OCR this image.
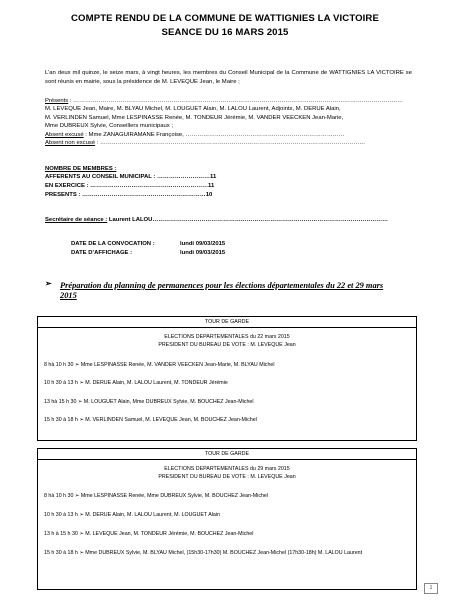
COMPTE RENDU DE LA COMMUNE DE WATTIGNIES LA VICTOIRE
SEANCE DU 16 MARS 2015
L’an deux mil quinze, le seize mars, à vingt heures, les membres du Conseil Municipal de la Commune de WATTIGNIES LA VICTOIRE se sont réunis en mairie, sous la présidence de M. LEVEQUE Jean, le Maire ;
Présents : ……………………………………………………………………………………………………………………………………………………
M. LEVEQUE Jean, Maire, M. BLYAU Michel, M. LOUGUET Alain, M. LALOU Laurent, Adjoints, M. DERUE Alain,
M. VERLINDEN Samuel, Mme LESPINASSE Renée, M. TONDEUR Jérémie, M. VANDER VEECKEN Jean-Marie,
Mme DUBREUX Sylvie, Conseillers municipaux ;
Absent excusé : Mme ZANAGUIRAMANE Françoise, ………………………………………………………………………
Absent non excusé : ………………………………………………………………………………………………………………………
NOMBRE DE MEMBRES :
AFFERENTS AU CONSEIL MUNICIPAL : ………………………11
EN EXERCICE : ……………………………………………………11
PRESENTS : ………………………………………………………10
Secrétaire de séance : Laurent LALOU…………………………………………………………………………………………………………
DATE DE LA CONVOCATION :	lundi 09/03/2015
DATE D’AFFICHAGE :	lundi 09/03/2015
➢ Préparation du planning de permanences pour les élections départementales du 22 et 29 mars 2015
TOUR DE GARDE
ELECTIONS DEPARTEMENTALES du 22 mars 2015
PRESIDENT DU BUREAU DE VOTE : M. LEVEQUE Jean
8 hà 10 h 30 ➢ Mme LESPINASSE Renée, M. VANDER VEECKEN Jean-Marie, M. BLYAU Michel
10 h 30 à 13 h ➢ M. DERUE Alain, M. LALOU Laurent, M. TONDEUR Jérémie
13 hà 15 h 30 ➢ M. LOUGUET Alain, Mme DUBREUX Sylvie, M. BOUCHEZ Jean-Michel
15 h 30 à 18 h ➢ M. VERLINDEN Samuel, M. LEVEQUE Jean, M. BOUCHEZ Jean-Michel
TOUR DE GARDE
ELECTIONS DEPARTEMENTALES du 29 mars 2015
PRESIDENT DU BUREAU DE VOTE : M. LEVEQUE Jean
8 hà 10 h 30 ➢ Mme LESPINASSE Renée, Mme DUBREUX Sylvie, M. BOUCHEZ Jean-Michel
10 h 30 à 13 h ➢ M. DERUE Alain, M. LALOU Laurent, M. LOUGUET Alain
13 h à 15 h 30 ➢ M. LEVEQUE Jean, M. TONDEUR Jérémie, M. BOUCHEZ Jean-Michel
15 h 30 à 18 h ➢ Mme DUBREUX Sylvie, M. BLYAU Michel, (15h30-17h30) M. BOUCHEZ Jean-Michel (17h30-18h) M. LALOU Laurent
1
